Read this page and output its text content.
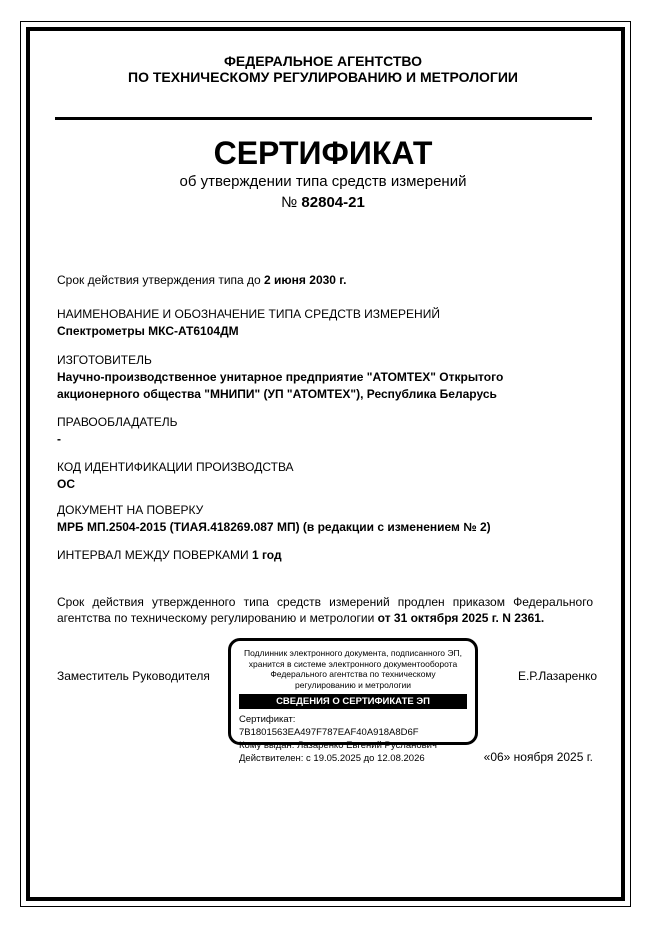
ФЕДЕРАЛЬНОЕ АГЕНТСТВО
ПО ТЕХНИЧЕСКОМУ РЕГУЛИРОВАНИЮ И МЕТРОЛОГИИ
СЕРТИФИКАТ
об утверждении типа средств измерений
№ 82804-21
Срок действия утверждения типа до 2 июня 2030 г.
НАИМЕНОВАНИЕ И ОБОЗНАЧЕНИЕ ТИПА СРЕДСТВ ИЗМЕРЕНИЙ
Спектрометры МКС-АТ6104ДМ
ИЗГОТОВИТЕЛЬ
Научно-производственное унитарное предприятие "АТОМТЕХ" Открытого
акционерного общества "МНИПИ" (УП "АТОМТЕХ"), Республика Беларусь
ПРАВООБЛАДАТЕЛЬ
-
КОД ИДЕНТИФИКАЦИИ ПРОИЗВОДСТВА
ОС
ДОКУМЕНТ НА ПОВЕРКУ
МРБ МП.2504-2015 (ТИАЯ.418269.087 МП) (в редакции с изменением № 2)
ИНТЕРВАЛ МЕЖДУ ПОВЕРКАМИ 1 год
Срок действия утвержденного типа средств измерений продлен приказом Федерального агентства по техническому регулированию и метрологии от 31 октября 2025 г. N 2361.
Заместитель Руководителя	Е.Р.Лазаренко
Подлинник электронного документа, подписанного ЭП,
хранится в системе электронного документооборота
Федерального агентства по техническому
регулированию и метрологии
СВЕДЕНИЯ О СЕРТИФИКАТЕ ЭП
Сертификат: 7B1801563EA497F787EAF40A918A8D6F
Кому выдан: Лазаренко Евгений Русланович
Действителен: с 19.05.2025 до 12.08.2026	«06» ноября 2025 г.
